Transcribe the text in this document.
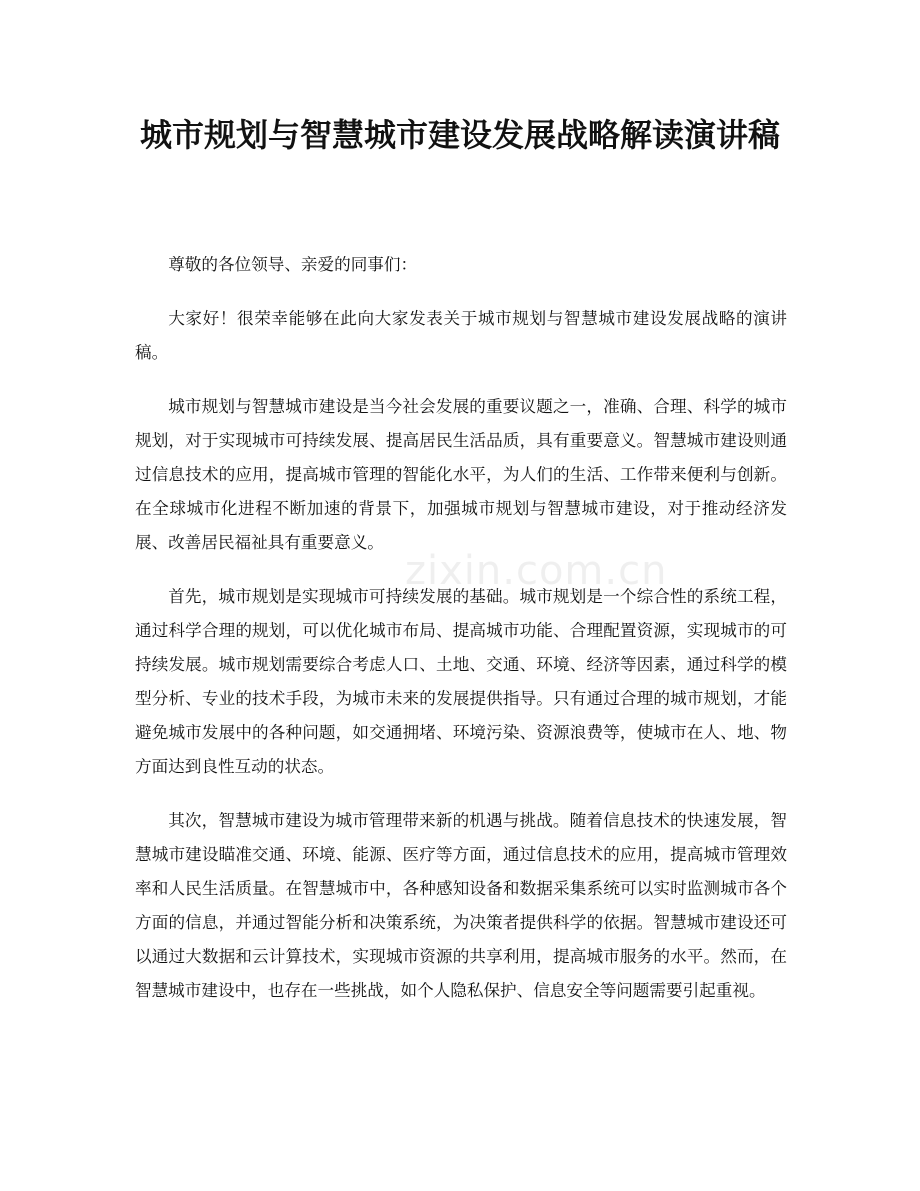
城市规划与智慧城市建设发展战略解读演讲稿

尊敬的各位领导、亲爱的同事们：

大家好！很荣幸能够在此向大家发表关于城市规划与智慧城市建设发展战略的演讲稿。

城市规划与智慧城市建设是当今社会发展的重要议题之一，准确、合理、科学的城市规划，对于实现城市可持续发展、提高居民生活品质，具有重要意义。智慧城市建设则通过信息技术的应用，提高城市管理的智能化水平，为人们的生活、工作带来便利与创新。在全球城市化进程不断加速的背景下，加强城市规划与智慧城市建设，对于推动经济发展、改善居民福祉具有重要意义。

首先，城市规划是实现城市可持续发展的基础。城市规划是一个综合性的系统工程，通过科学合理的规划，可以优化城市布局、提高城市功能、合理配置资源，实现城市的可持续发展。城市规划需要综合考虑人口、土地、交通、环境、经济等因素，通过科学的模型分析、专业的技术手段，为城市未来的发展提供指导。只有通过合理的城市规划，才能避免城市发展中的各种问题，如交通拥堵、环境污染、资源浪费等，使城市在人、地、物方面达到良性互动的状态。

其次，智慧城市建设为城市管理带来新的机遇与挑战。随着信息技术的快速发展，智慧城市建设瞄准交通、环境、能源、医疗等方面，通过信息技术的应用，提高城市管理效率和人民生活质量。在智慧城市中，各种感知设备和数据采集系统可以实时监测城市各个方面的信息，并通过智能分析和决策系统，为决策者提供科学的依据。智慧城市建设还可以通过大数据和云计算技术，实现城市资源的共享利用，提高城市服务的水平。然而，在智慧城市建设中，也存在一些挑战，如个人隐私保护、信息安全等问题需要引起重视。

zixin.com.cn
